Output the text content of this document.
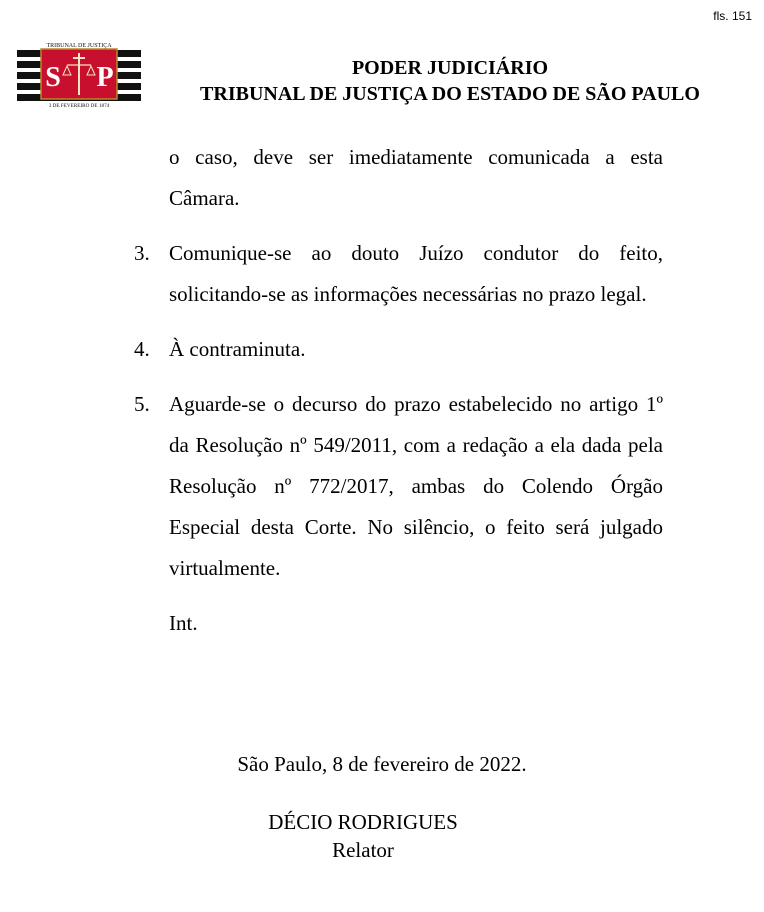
fls. 151
S P
TRIBUNAL DE JUSTIÇA
3 DE FEVEREIRO DE 1874
PODER JUDICIÁRIO
TRIBUNAL DE JUSTIÇA DO ESTADO DE SÃO PAULO

o caso, deve ser imediatamente comunicada a esta Câmara.

3. Comunique-se ao douto Juízo condutor do feito, solicitando-se as informações necessárias no prazo legal.

4. À contraminuta.

5. Aguarde-se o decurso do prazo estabelecido no artigo 1º da Resolução nº 549/2011, com a redação a ela dada pela Resolução nº 772/2017, ambas do Colendo Órgão Especial desta Corte. No silêncio, o feito será julgado virtualmente.

Int.

São Paulo, 8 de fevereiro de 2022.
DÉCIO RODRIGUES
Relator
